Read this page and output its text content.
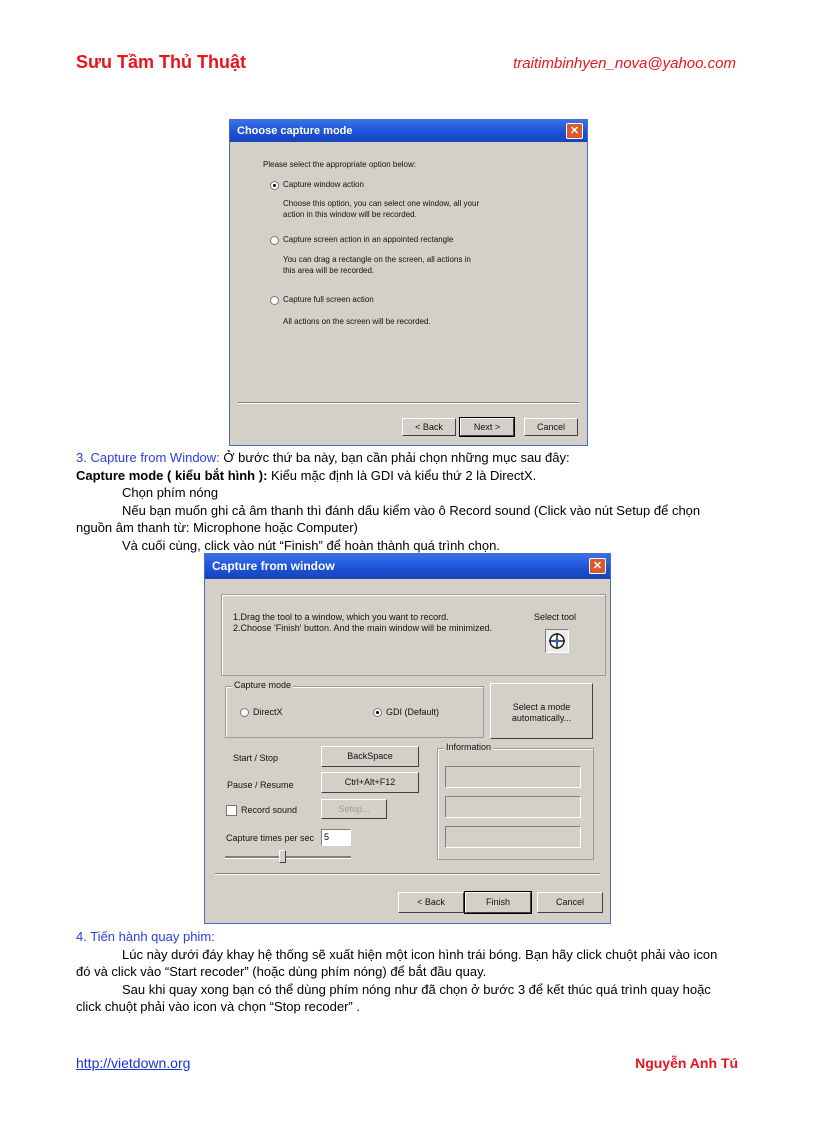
Sưu Tầm Thủ Thuật	traitimbinhyen_nova@yahoo.com
Choose capture mode	✕
Please select the appropriate option below:
Capture window action
Choose this option, you can select one window, all your
action in this window will be recorded.
Capture screen action in an appointed rectangle
You can drag a rectangle on the screen, all actions in
this area will be recorded.
Capture full screen action
All actions on the screen will be recorded.
< Back	Next >	Cancel
3. Capture from Window: Ở bước thứ ba này, bạn cần phải chọn những mục sau đây:
Capture mode ( kiểu bắt hình ): Kiểu mặc định là GDI và kiểu thứ 2 là DirectX.
Chọn phím nóng
Nếu bạn muốn ghi cả âm thanh thì đánh dấu kiểm vào ô Record sound (Click vào nút Setup để chọn
nguồn âm thanh từ: Microphone hoặc Computer)
Và cuối cùng, click vào nút “Finish” để hoàn thành quá trình chọn.
Capture from window	✕
1.Drag the tool to a window, which you want to record.
2.Choose 'Finish' button. And the main window will be minimized.
Select tool
Capture mode
DirectX	GDI (Default)	Select a mode
automatically...
Start / Stop	BackSpace
Pause / Resume	Ctrl+Alt+F12
Record sound	Setup...
Capture times per sec	5
Information
< Back	Finish	Cancel
4. Tiến hành quay phim:
Lúc này dưới đáy khay hệ thống sẽ xuất hiện một icon hình trái bóng. Bạn hãy click chuột phải vào icon
đó và click vào “Start recoder” (hoặc dùng phím nóng) để bắt đầu quay.
Sau khi quay xong bạn có thể dùng phím nóng như đã chọn ở bước 3 để kết thúc quá trình quay hoặc
click chuột phải vào icon và chọn “Stop recoder” .
http://vietdown.org	Nguyễn Anh Tú
